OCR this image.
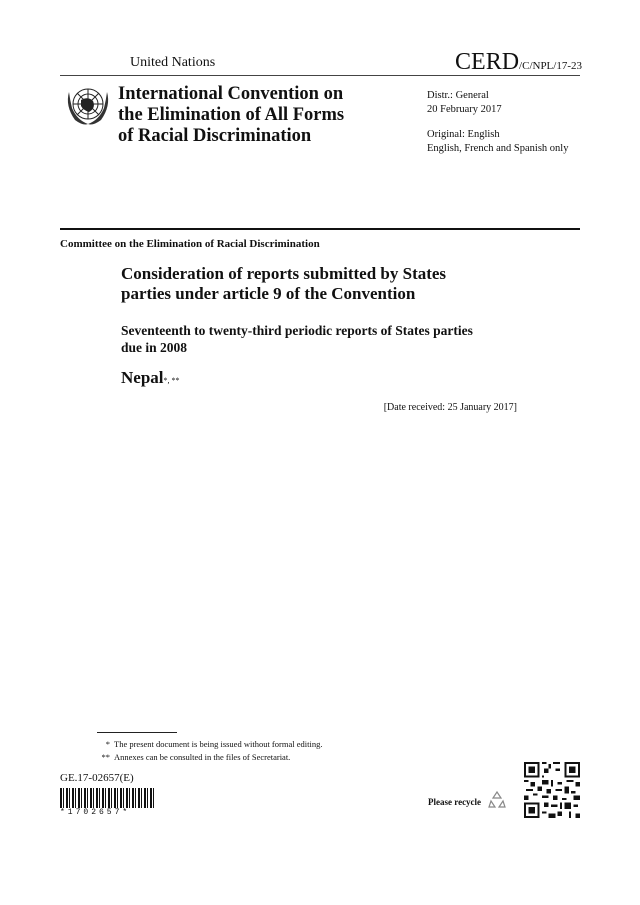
United Nations	CERD/C/NPL/17-23
International Convention on
the Elimination of All Forms
of Racial Discrimination
Distr.: General
20 February 2017
Original: English
English, French and Spanish only
Committee on the Elimination of Racial Discrimination
Consideration of reports submitted by States
parties under article 9 of the Convention
Seventeenth to twenty-third periodic reports of States parties
due in 2008
Nepal*, **
[Date received: 25 January 2017]
* The present document is being issued without formal editing.
** Annexes can be consulted in the files of Secretariat.
GE.17-02657(E)
*1702657*
Please recycle
